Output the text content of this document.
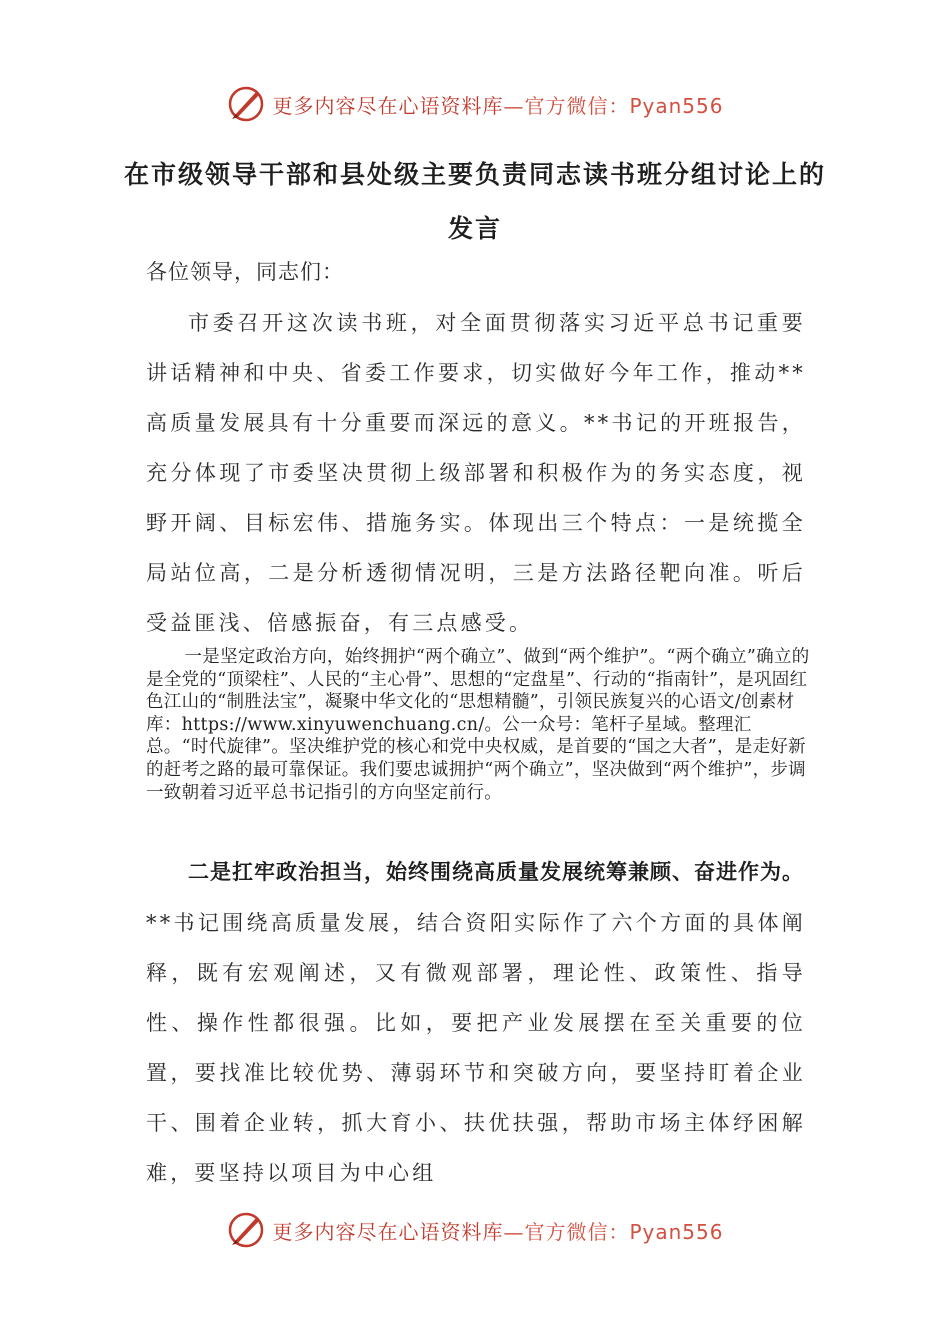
更多内容尽在心语资料库—官方微信：Pyan556
在市级领导干部和县处级主要负责同志读书班分组讨论上的发言

各位领导，同志们：

市委召开这次读书班，对全面贯彻落实习近平总书记重要讲话精神和中央、省委工作要求，切实做好今年工作，推动**高质量发展具有十分重要而深远的意义。**书记的开班报告，充分体现了市委坚决贯彻上级部署和积极作为的务实态度，视野开阔、目标宏伟、措施务实。体现出三个特点：一是统揽全局站位高，二是分析透彻情况明，三是方法路径靶向准。听后受益匪浅、倍感振奋，有三点感受。

一是坚定政治方向，始终拥护“两个确立”、做到“两个维护”。“两个确立”确立的是全党的“顶梁柱”、人民的“主心骨”、思想的“定盘星”、行动的“指南针”，是巩固红色江山的“制胜法宝”，凝聚中华文化的“思想精髓”，引领民族复兴的心语文/创素材库：https://www.xinyuwenchuang.cn/。公一众号：笔杆子星域。整理汇总。“时代旋律”。坚决维护党的核心和党中央权威，是首要的“国之大者”，是走好新的赶考之路的最可靠保证。我们要忠诚拥护“两个确立”，坚决做到“两个维护”，步调一致朝着习近平总书记指引的方向坚定前行。

二是扛牢政治担当，始终围绕高质量发展统筹兼顾、奋进作为。

**书记围绕高质量发展，结合资阳实际作了六个方面的具体阐释，既有宏观阐述，又有微观部署，理论性、政策性、指导性、操作性都很强。比如，要把产业发展摆在至关重要的位置，要找准比较优势、薄弱环节和突破方向，要坚持盯着企业干、围着企业转，抓大育小、扶优扶强，帮助市场主体纾困解难，要坚持以项目为中心组

更多内容尽在心语资料库—官方微信：Pyan556
